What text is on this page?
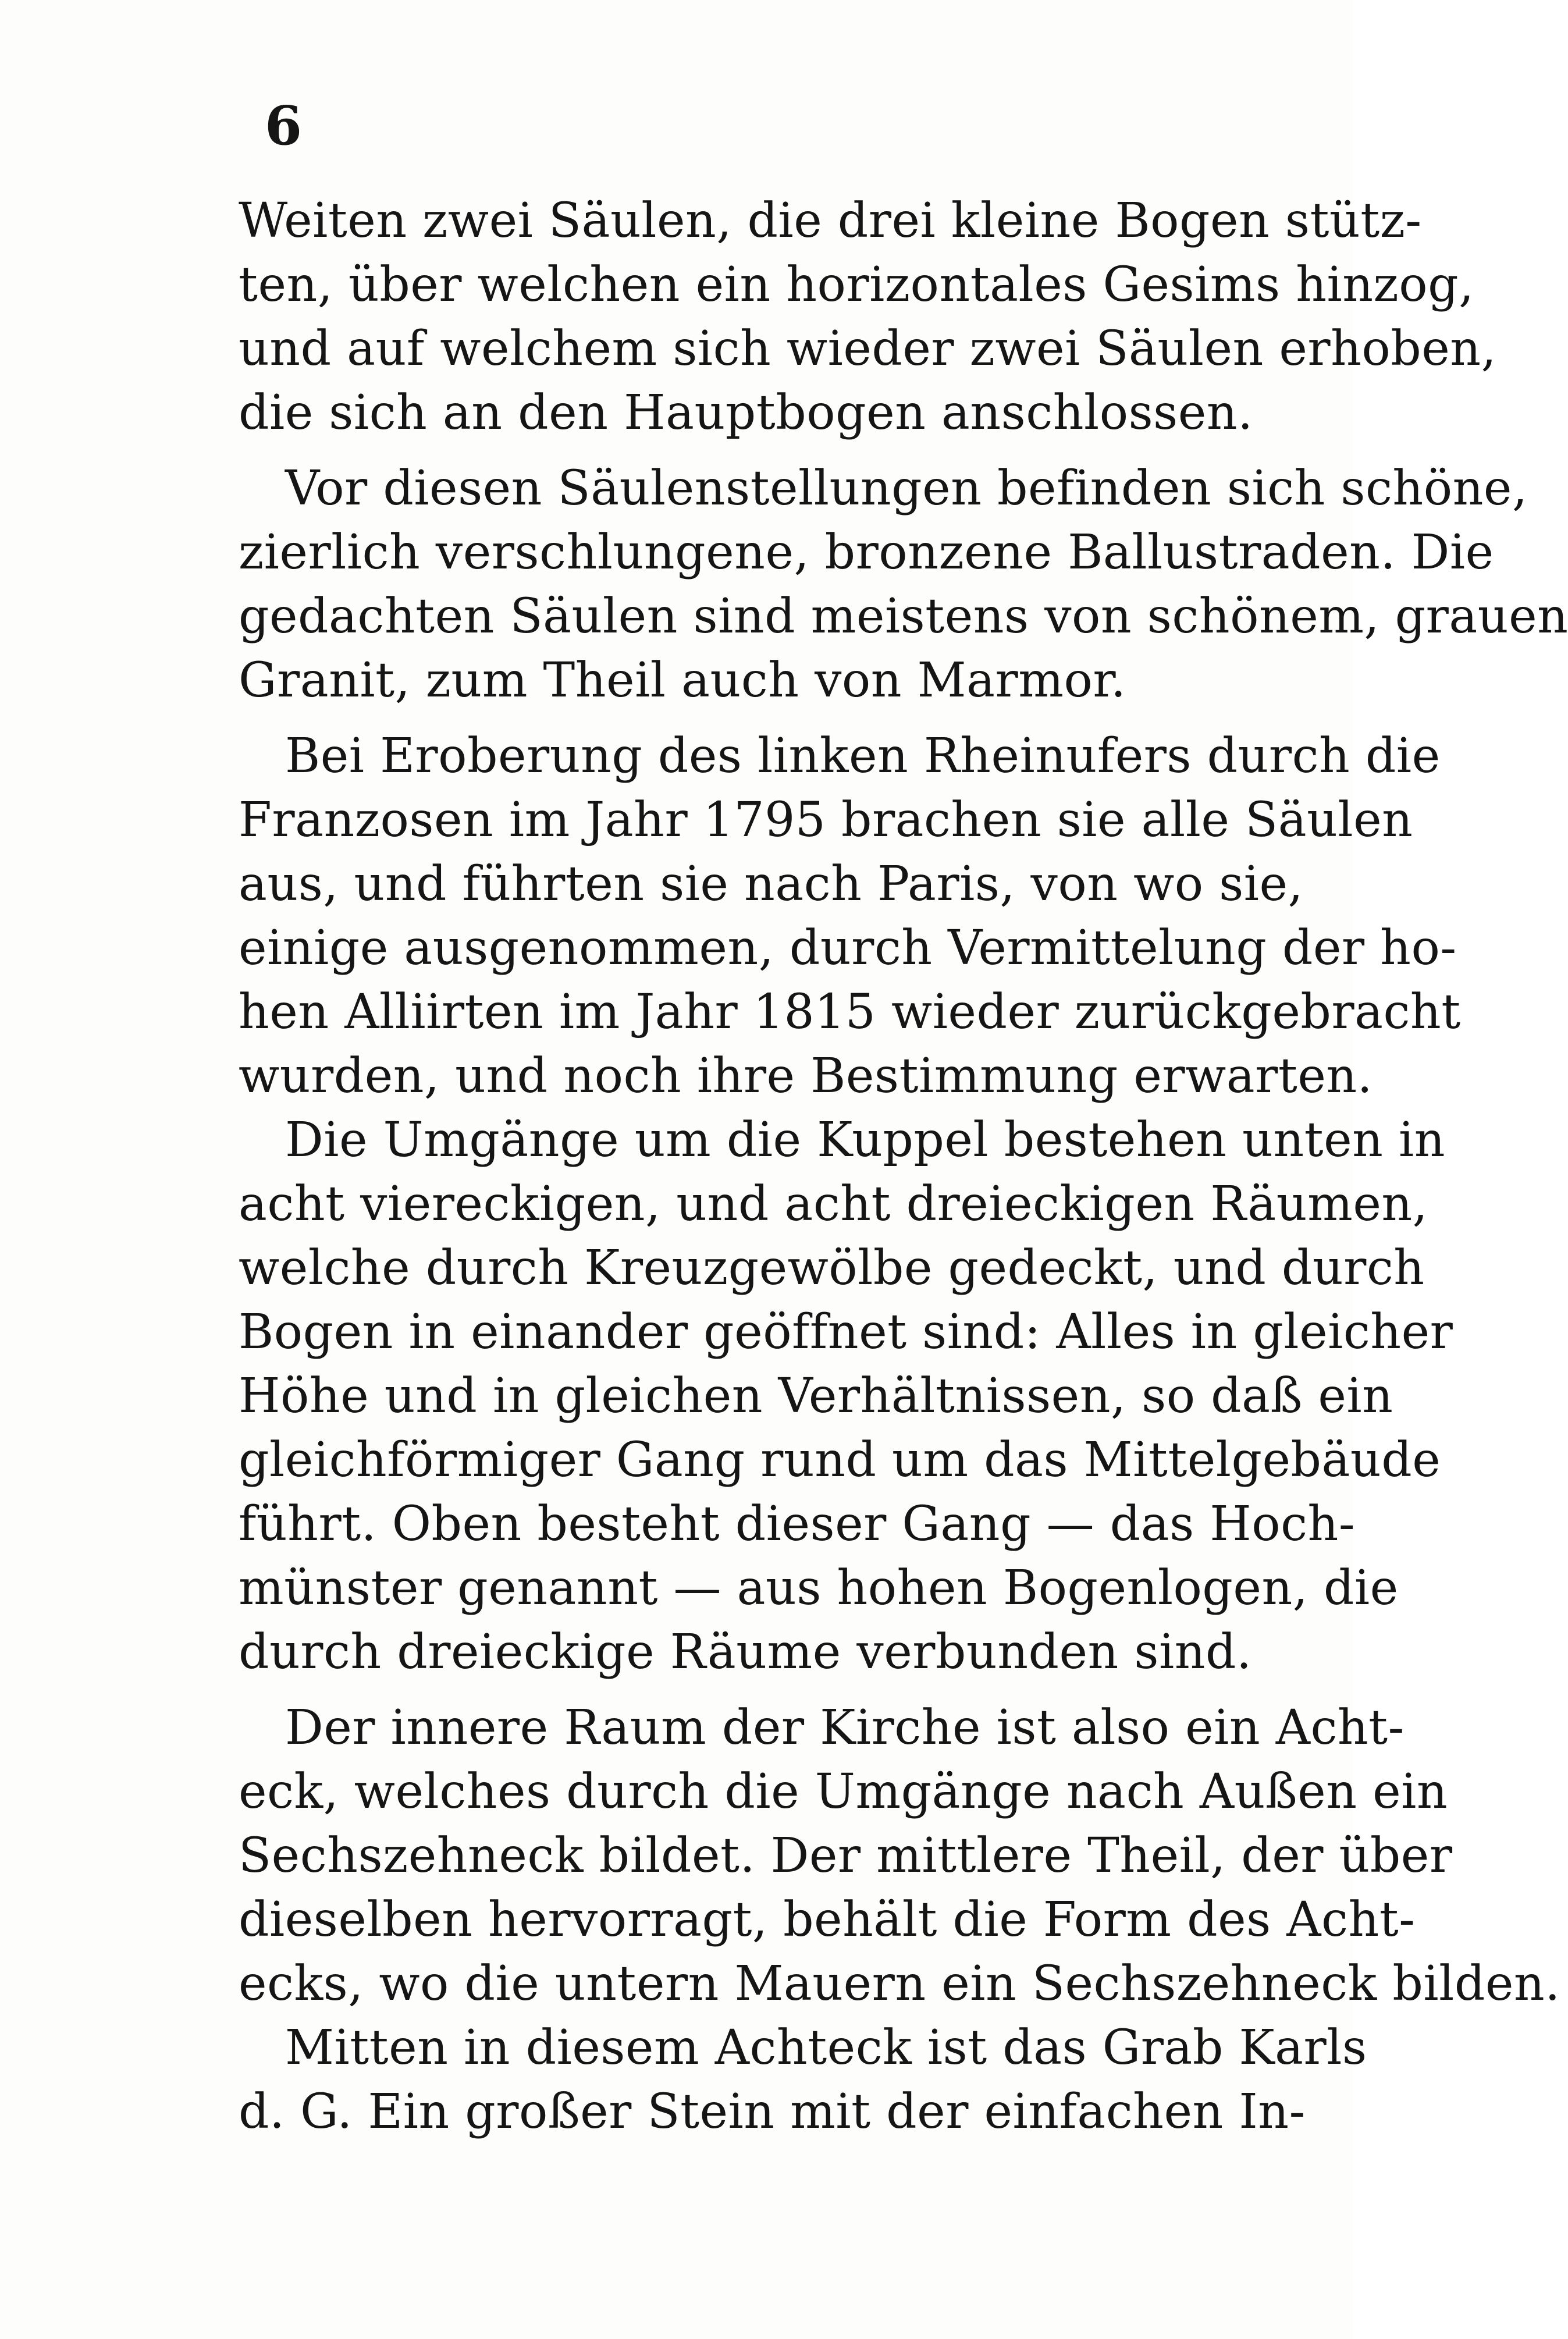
6
Weiten zwei Säulen, die drei kleine Bogen stütz-
ten, über welchen ein horizontales Gesims hinzog,
und auf welchem sich wieder zwei Säulen erhoben,
die sich an den Hauptbogen anschlossen.
Vor diesen Säulenstellungen befinden sich schöne,
zierlich verschlungene, bronzene Ballustraden. Die
gedachten Säulen sind meistens von schönem, grauen
Granit, zum Theil auch von Marmor.
Bei Eroberung des linken Rheinufers durch die
Franzosen im Jahr 1795 brachen sie alle Säulen
aus, und führten sie nach Paris, von wo sie,
einige ausgenommen, durch Vermittelung der ho-
hen Alliirten im Jahr 1815 wieder zurückgebracht
wurden, und noch ihre Bestimmung erwarten.
Die Umgänge um die Kuppel bestehen unten in
acht viereckigen, und acht dreieckigen Räumen,
welche durch Kreuzgewölbe gedeckt, und durch
Bogen in einander geöffnet sind: Alles in gleicher
Höhe und in gleichen Verhältnissen, so daß ein
gleichförmiger Gang rund um das Mittelgebäude
führt. Oben besteht dieser Gang — das Hoch-
münster genannt — aus hohen Bogenlogen, die
durch dreieckige Räume verbunden sind.
Der innere Raum der Kirche ist also ein Acht-
eck, welches durch die Umgänge nach Außen ein
Sechszehneck bildet. Der mittlere Theil, der über
dieselben hervorragt, behält die Form des Acht-
ecks, wo die untern Mauern ein Sechszehneck bilden.
Mitten in diesem Achteck ist das Grab Karls
d. G. Ein großer Stein mit der einfachen In-
